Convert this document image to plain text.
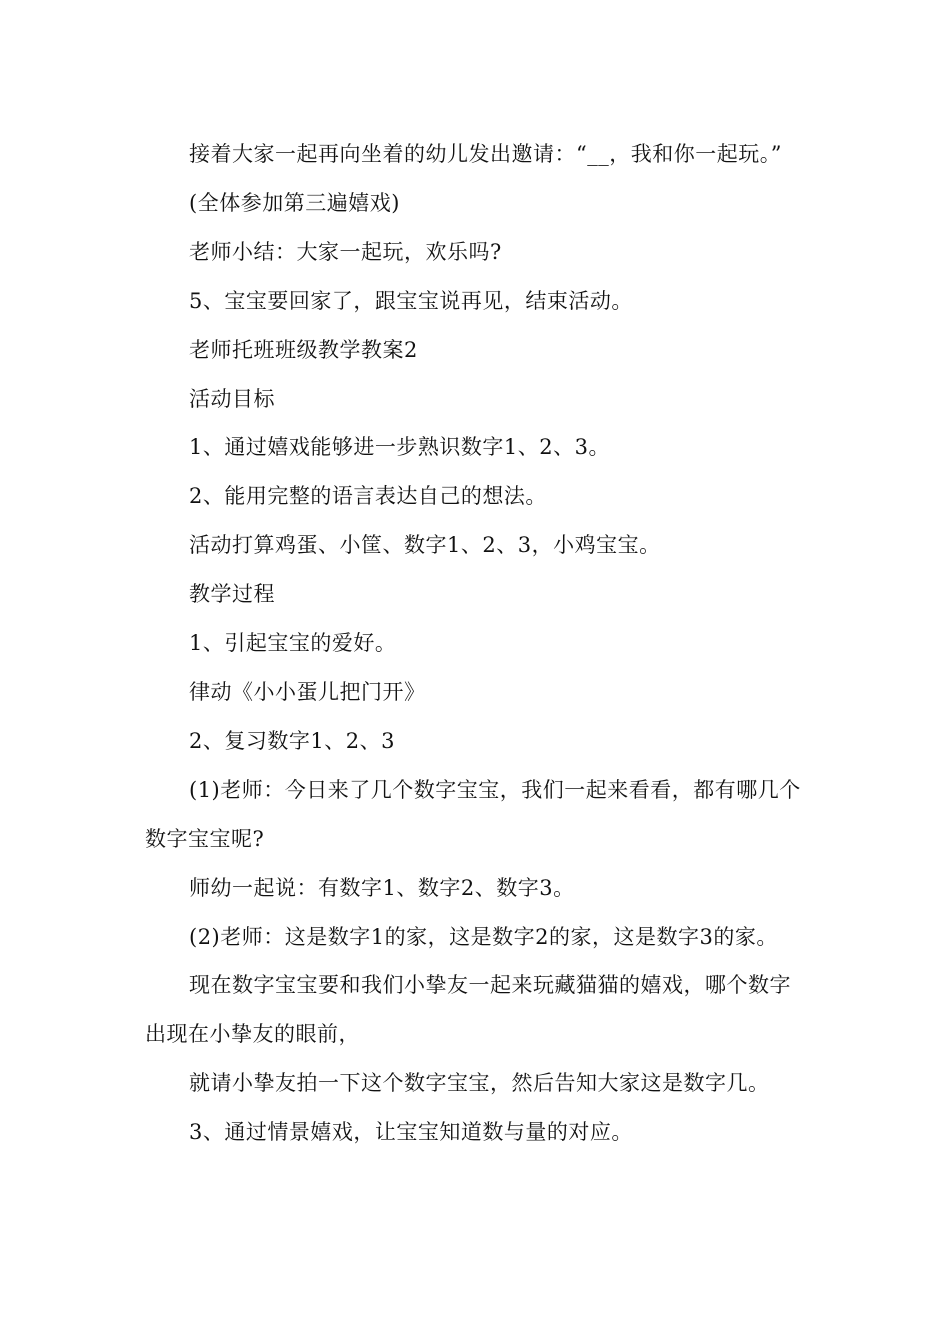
接着大家一起再向坐着的幼儿发出邀请：“__，我和你一起玩。”

(全体参加第三遍嬉戏)

老师小结：大家一起玩，欢乐吗?

5、宝宝要回家了，跟宝宝说再见，结束活动。

老师托班班级教学教案2

活动目标

1、通过嬉戏能够进一步熟识数字1、2、3。

2、能用完整的语言表达自己的想法。

活动打算鸡蛋、小筐、数字1、2、3，小鸡宝宝。

教学过程

1、引起宝宝的爱好。

律动《小小蛋儿把门开》

2、复习数字1、2、3

(1)老师：今日来了几个数字宝宝，我们一起来看看，都有哪几个数字宝宝呢?

师幼一起说：有数字1、数字2、数字3。

(2)老师：这是数字1的家，这是数字2的家，这是数字3的家。

现在数字宝宝要和我们小挚友一起来玩藏猫猫的嬉戏，哪个数字出现在小挚友的眼前，

就请小挚友拍一下这个数字宝宝，然后告知大家这是数字几。

3、通过情景嬉戏，让宝宝知道数与量的对应。
